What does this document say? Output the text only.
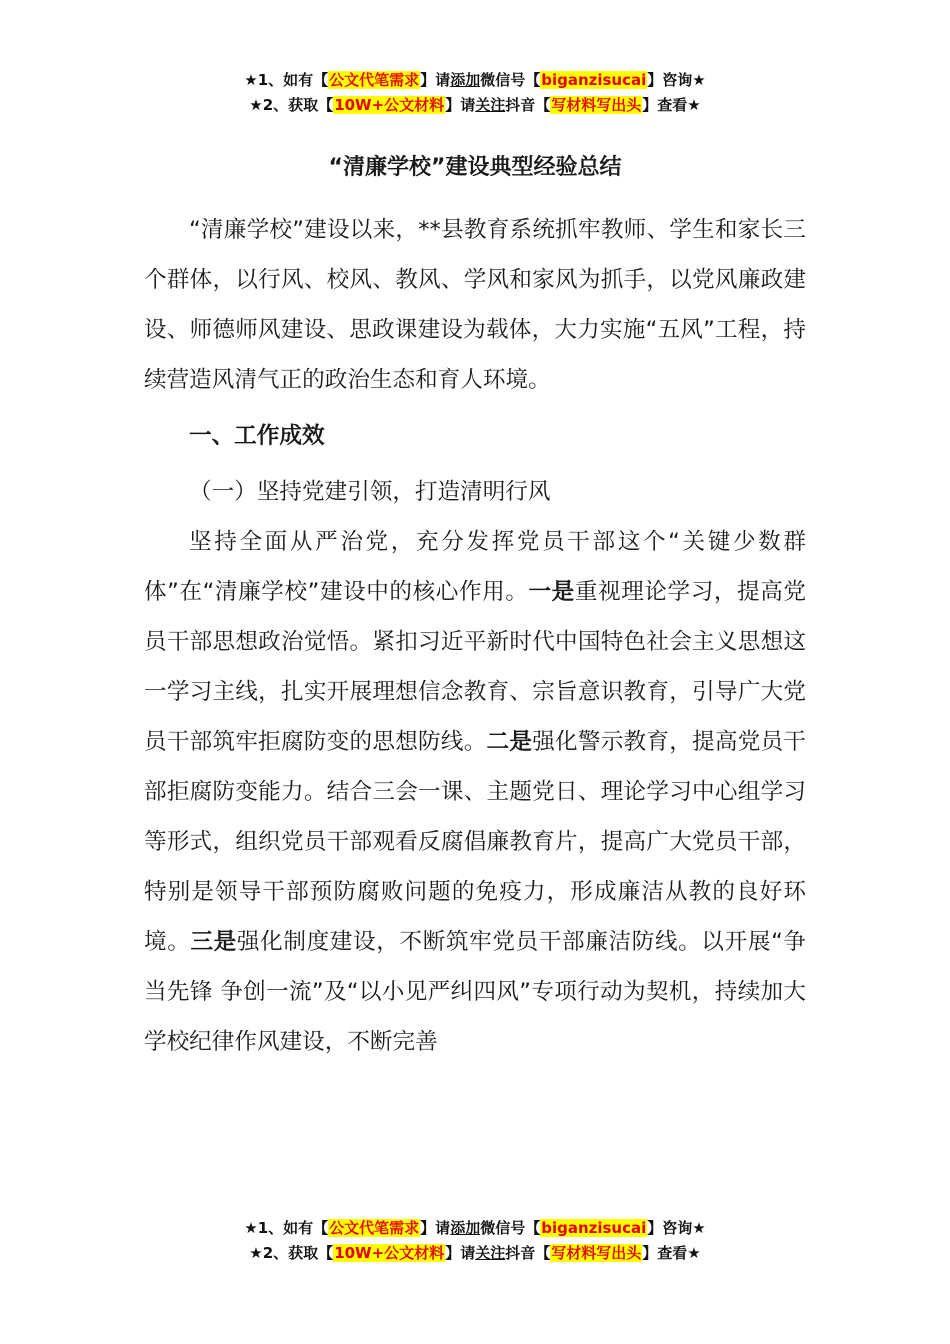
★1、如有【公文代笔需求】请添加微信号【biganzisucai】咨询★
★2、获取【10W+公文材料】请关注抖音【写材料写出头】查看★
“清廉学校”建设典型经验总结

“清廉学校”建设以来，**县教育系统抓牢教师、学生和家长三个群体，以行风、校风、教风、学风和家风为抓手，以党风廉政建设、师德师风建设、思政课建设为载体，大力实施“五风”工程，持续营造风清气正的政治生态和育人环境。

一、工作成效

（一）坚持党建引领，打造清明行风

坚持全面从严治党，充分发挥党员干部这个“关键少数群体”在“清廉学校”建设中的核心作用。一是重视理论学习，提高党员干部思想政治觉悟。紧扣习近平新时代中国特色社会主义思想这一学习主线，扎实开展理想信念教育、宗旨意识教育，引导广大党员干部筑牢拒腐防变的思想防线。二是强化警示教育，提高党员干部拒腐防变能力。结合三会一课、主题党日、理论学习中心组学习等形式，组织党员干部观看反腐倡廉教育片，提高广大党员干部，特别是领导干部预防腐败问题的免疫力，形成廉洁从教的良好环境。三是强化制度建设，不断筑牢党员干部廉洁防线。以开展“争当先锋 争创一流”及“以小见严纠四风”专项行动为契机，持续加大学校纪律作风建设，不断完善

★1、如有【公文代笔需求】请添加微信号【biganzisucai】咨询★
★2、获取【10W+公文材料】请关注抖音【写材料写出头】查看★
